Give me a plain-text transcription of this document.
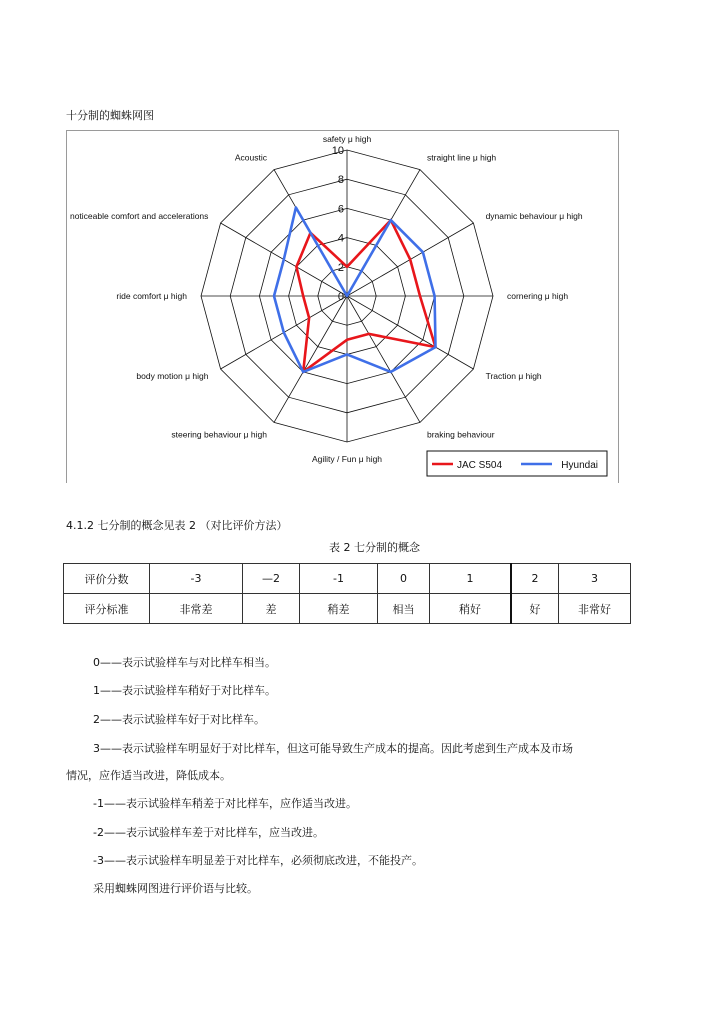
十分制的蜘蛛网图
0
2
4
6
8
10
safety μ high
straight line μ high
dynamic behaviour μ high
cornering μ high
Traction μ high
braking behaviour
Agility / Fun μ high
steering behaviour μ high
body motion μ high
ride comfort μ high
noticeable comfort and accelerations
Acoustic
JAC S504	Hyundai
4.1.2 七分制的概念见表 2 （对比评价方法）
表 2 七分制的概念
评价分数	-3	—2	-1	0	1	2	3
评分标准	非常差	差	稍差	相当	稍好	好	非常好
0——表示试验样车与对比样车相当。
1——表示试验样车稍好于对比样车。
2——表示试验样车好于对比样车。
3——表示试验样车明显好于对比样车，但这可能导致生产成本的提高。因此考虑到生产成本及市场
情况，应作适当改进，降低成本。
-1——表示试验样车稍差于对比样车，应作适当改进。
-2——表示试验样车差于对比样车，应当改进。
-3——表示试验样车明显差于对比样车，必须彻底改进，不能投产。
采用蜘蛛网图进行评价语与比较。
